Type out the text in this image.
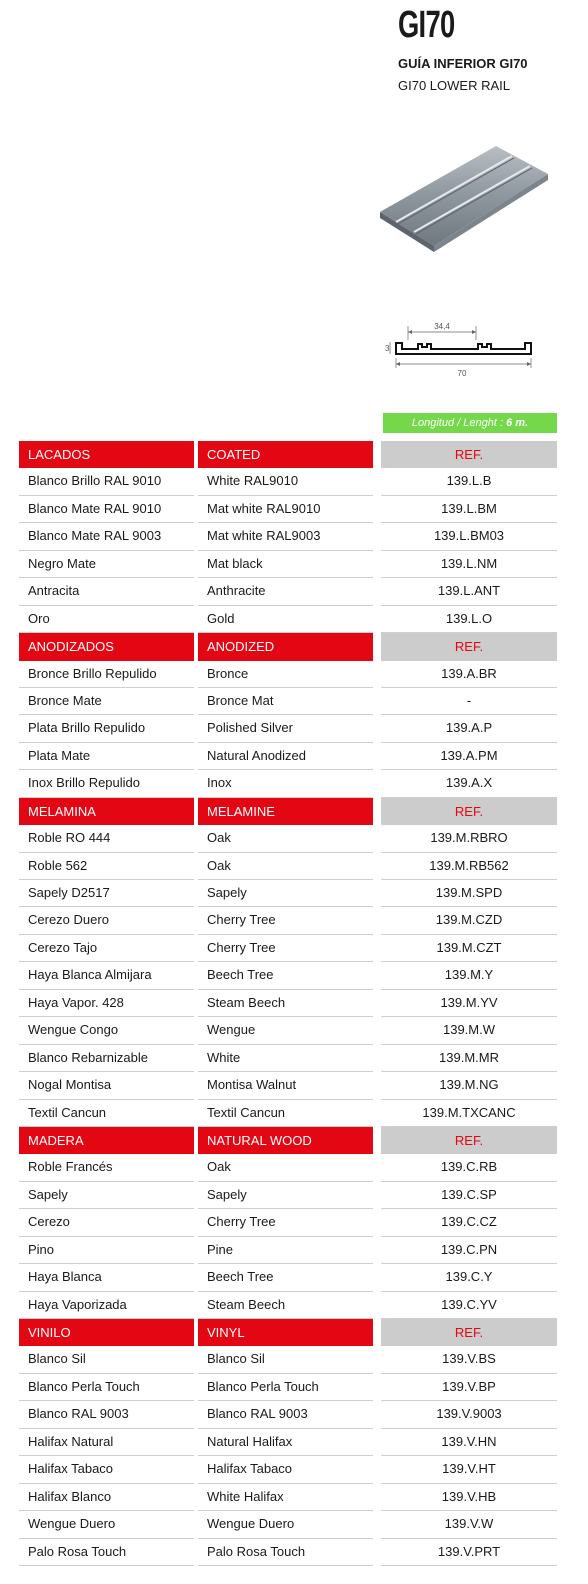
GI70
GUÍA INFERIOR GI70
GI70 LOWER RAIL
34,4
3
70
Longitud / Lenght : 6 m.
LACADOS	COATED	REF.
Blanco Brillo RAL 9010	White RAL9010	139.L.B
Blanco Mate RAL 9010	Mat white RAL9010	139.L.BM
Blanco Mate RAL 9003	Mat white RAL9003	139.L.BM03
Negro Mate	Mat black	139.L.NM
Antracita	Anthracite	139.L.ANT
Oro	Gold	139.L.O
ANODIZADOS	ANODIZED	REF.
Bronce Brillo Repulido	Bronce	139.A.BR
Bronce Mate	Bronce Mat	-
Plata Brillo Repulido	Polished Silver	139.A.P
Plata Mate	Natural Anodized	139.A.PM
Inox Brillo Repulido	Inox	139.A.X
MELAMINA	MELAMINE	REF.
Roble RO 444	Oak	139.M.RBRO
Roble 562	Oak	139.M.RB562
Sapely D2517	Sapely	139.M.SPD
Cerezo Duero	Cherry Tree	139.M.CZD
Cerezo Tajo	Cherry Tree	139.M.CZT
Haya Blanca Almijara	Beech Tree	139.M.Y
Haya Vapor. 428	Steam Beech	139.M.YV
Wengue Congo	Wengue	139.M.W
Blanco Rebarnizable	White	139.M.MR
Nogal Montisa	Montisa Walnut	139.M.NG
Textil Cancun	Textil Cancun	139.M.TXCANC
MADERA	NATURAL WOOD	REF.
Roble Francés	Oak	139.C.RB
Sapely	Sapely	139.C.SP
Cerezo	Cherry Tree	139.C.CZ
Pino	Pine	139.C.PN
Haya Blanca	Beech Tree	139.C.Y
Haya Vaporizada	Steam Beech	139.C.YV
VINILO	VINYL	REF.
Blanco Sil	Blanco Sil	139.V.BS
Blanco Perla Touch	Blanco Perla Touch	139.V.BP
Blanco RAL 9003	Blanco RAL 9003	139.V.9003
Halifax Natural	Natural Halifax	139.V.HN
Halifax Tabaco	Halifax Tabaco	139.V.HT
Halifax Blanco	White Halifax	139.V.HB
Wengue Duero	Wengue Duero	139.V.W
Palo Rosa Touch	Palo Rosa Touch	139.V.PRT
